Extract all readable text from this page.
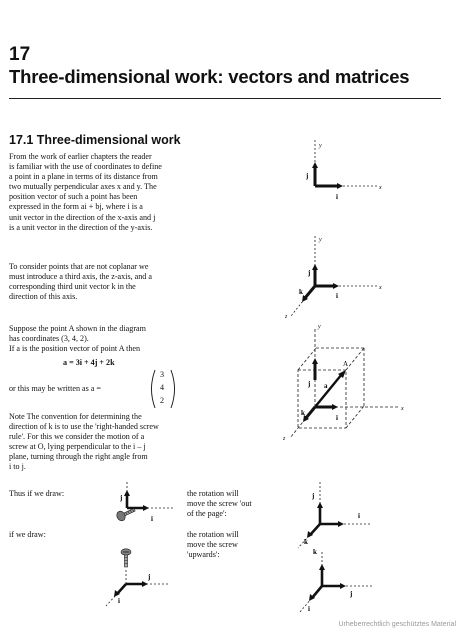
17
Three-dimensional work: vectors and matrices
17.1 Three-dimensional work
From the work of earlier chapters the reader
is familiar with the use of coordinates to define
a point in a plane in terms of its distance from
two mutually perpendicular axes x and y. The
position vector of such a point has been
expressed in the form ai + bj, where i is a
unit vector in the direction of the x-axis and j
is a unit vector in the direction of the y-axis.
To consider points that are not coplanar we
must introduce a third axis, the z-axis, and a
corresponding third unit vector k in the
direction of this axis.
Suppose the point A shown in the diagram
has coordinates (3, 4, 2).
If a is the position vector of point A then
a = 3i + 4j + 2k
or this may be written as a =
3
4
2
Note The convention for determining the
direction of k is to use the 'right-handed screw
rule'. For this we consider the motion of a
screw at O, lying perpendicular to the i – j
plane, turning through the right angle from
i to j.
Thus if we draw:	the rotation will
move the screw 'out
of the page':
if we draw:	the rotation will
move the screw
'upwards':
y
x
j
i
y
x
z
j
i
k
y
x
z
j
i
k
a
A
j
i
j
i
j
i
k
k
j
i
Urheberrechtlich geschütztes Material
